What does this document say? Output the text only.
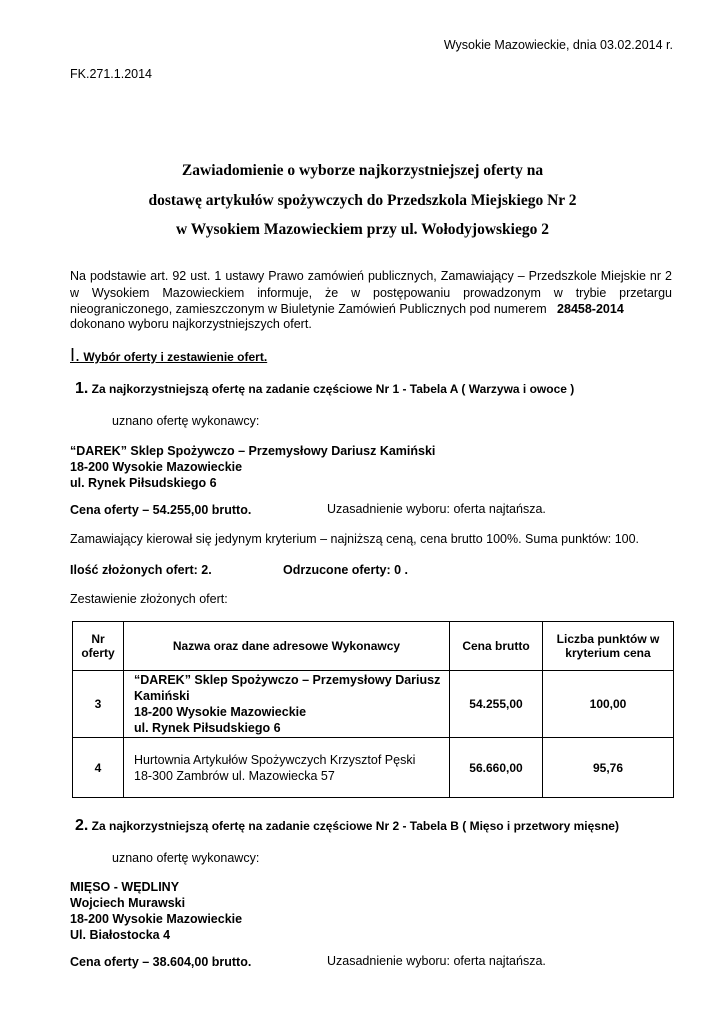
Wysokie Mazowieckie, dnia 03.02.2014 r.
FK.271.1.2014
Zawiadomienie o wyborze najkorzystniejszej oferty na
dostawę artykułów spożywczych do Przedszkola Miejskiego Nr 2
w Wysokiem Mazowieckiem przy ul. Wołodyjowskiego 2
Na podstawie art. 92 ust. 1 ustawy Prawo zamówień publicznych, Zamawiający – Przedszkole Miejskie nr 2 w Wysokiem Mazowieckiem informuje, że w postępowaniu prowadzonym w trybie przetargu nieograniczonego, zamieszczonym w Biuletynie Zamówień Publicznych pod numerem 28458-2014
dokonano wyboru najkorzystniejszych ofert.
I. Wybór oferty i zestawienie ofert.
1. Za najkorzystniejszą ofertę na zadanie częściowe Nr 1 - Tabela A ( Warzywa i owoce )
uznano ofertę wykonawcy:
“DAREK” Sklep Spożywczo – Przemysłowy Dariusz Kamiński
18-200 Wysokie Mazowieckie
ul. Rynek Piłsudskiego 6
Cena oferty – 54.255,00 brutto.	Uzasadnienie wyboru: oferta najtańsza.
Zamawiający kierował się jedynym kryterium – najniższą ceną, cena brutto 100%. Suma punktów: 100.
Ilość złożonych ofert: 2.	Odrzucone oferty: 0 .
Zestawienie złożonych ofert:
Nr oferty	Nazwa oraz dane adresowe Wykonawcy	Cena brutto	Liczba punktów w kryterium cena
3	“DAREK” Sklep Spożywczo – Przemysłowy Dariusz Kamiński
18-200 Wysokie Mazowieckie
ul. Rynek Piłsudskiego 6	54.255,00	100,00
4	Hurtownia Artykułów Spożywczych Krzysztof Pęski
18-300 Zambrów ul. Mazowiecka 57	56.660,00	95,76
2. Za najkorzystniejszą ofertę na zadanie częściowe Nr 2 - Tabela B ( Mięso i przetwory mięsne)
uznano ofertę wykonawcy:
MIĘSO - WĘDLINY
Wojciech Murawski
18-200 Wysokie Mazowieckie
Ul. Białostocka 4
Cena oferty – 38.604,00 brutto.	Uzasadnienie wyboru: oferta najtańsza.
